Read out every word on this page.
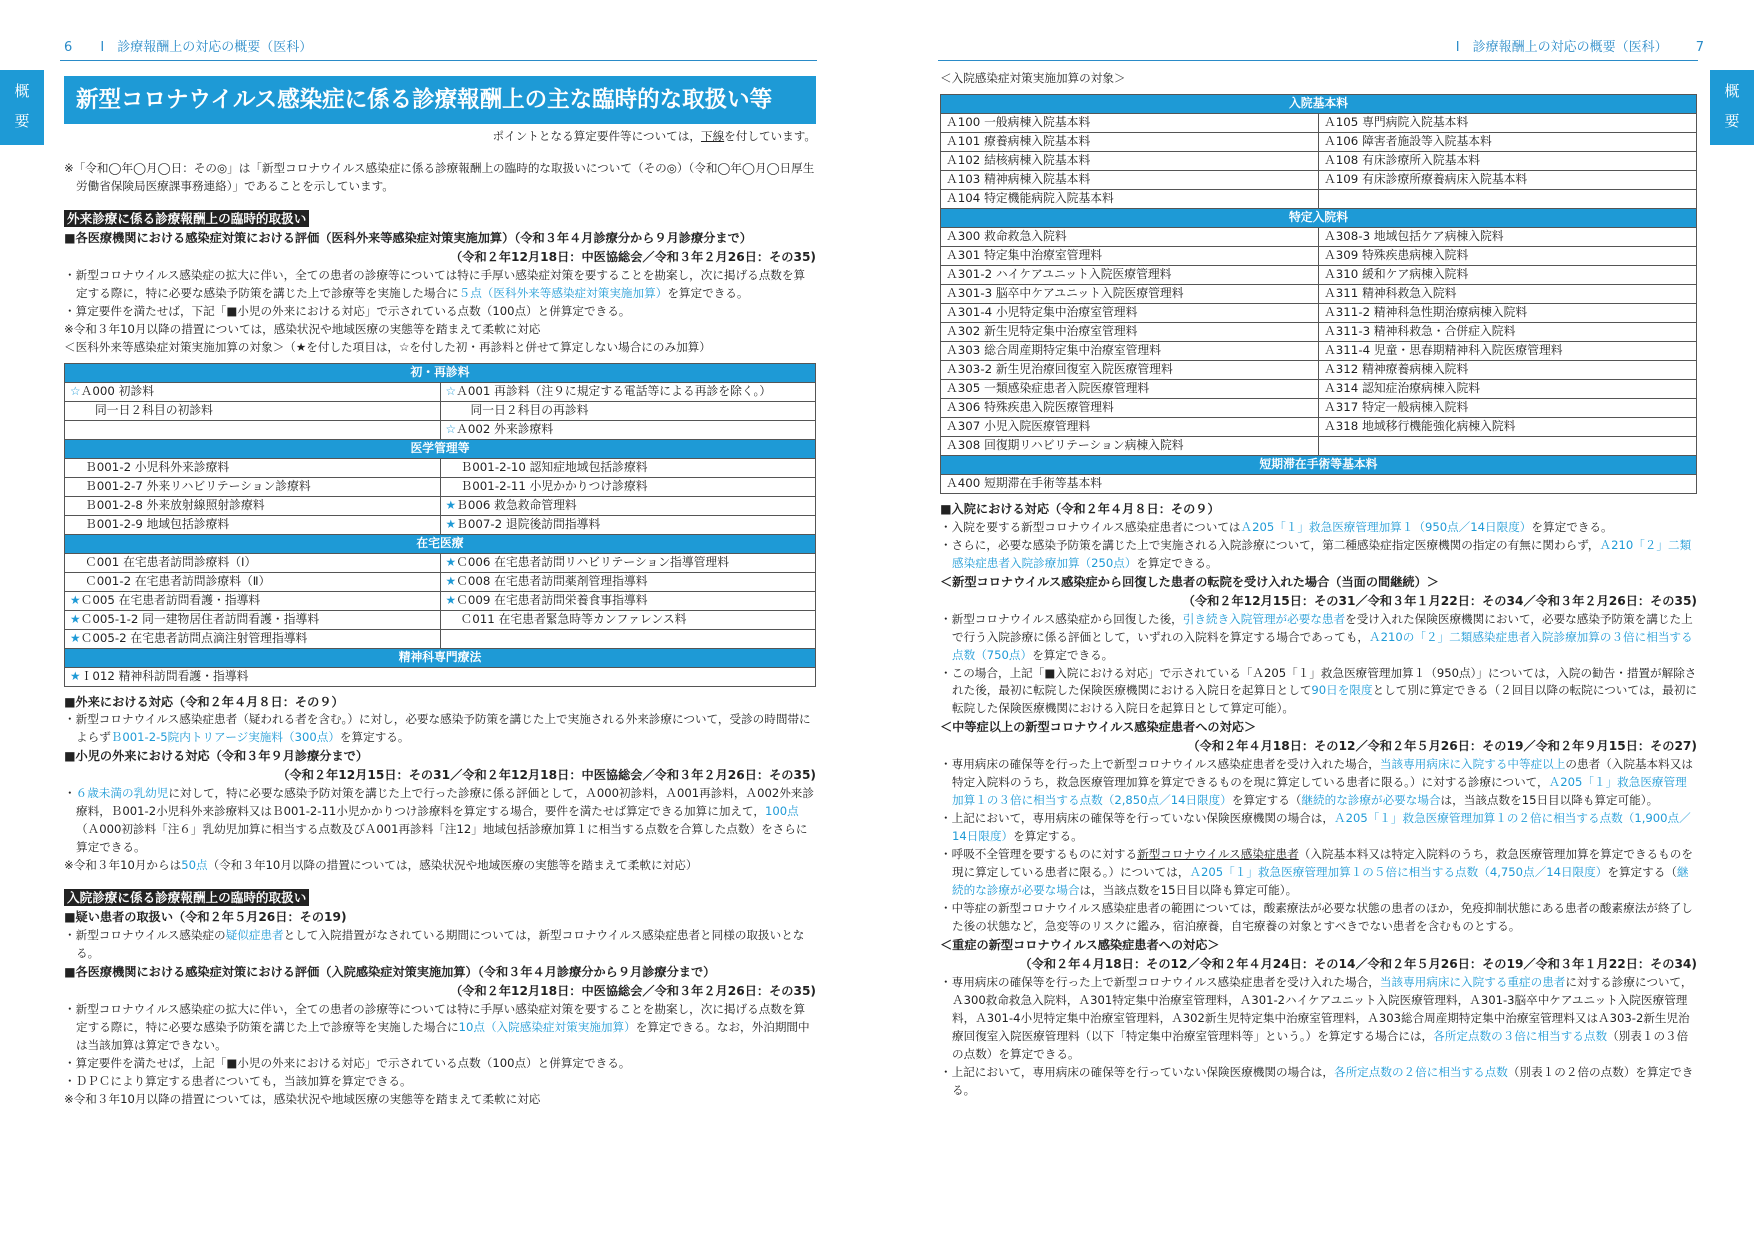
6 Ⅰ　診療報酬上の対応の概要（医科）
概
要
新型コロナウイルス感染症に係る診療報酬上の主な臨時的な取扱い等
ポイントとなる算定要件等については，下線を付しています。
※「令和◯年◯月◯日：その◎」は「新型コロナウイルス感染症に係る診療報酬上の臨時的な取扱いについて（その◎）（令和◯年◯月◯日厚生労働省保険局医療課事務連絡）」であることを示しています。
外来診療に係る診療報酬上の臨時的取扱い
■各医療機関における感染症対策における評価（医科外来等感染症対策実施加算）（令和３年４月診療分から９月診療分まで）
（令和２年12月18日：中医協総会／令和３年２月26日：その35)
・新型コロナウイルス感染症の拡大に伴い，全ての患者の診療等については特に手厚い感染症対策を要することを勘案し，次に掲げる点数を算定する際に，特に必要な感染予防策を講じた上で診療等を実施した場合に５点（医科外来等感染症対策実施加算）を算定できる。
・算定要件を満たせば，下記「■小児の外来における対応」で示されている点数（100点）と併算定できる。
※令和３年10月以降の措置については，感染状況や地域医療の実態等を踏まえて柔軟に対応
＜医科外来等感染症対策実施加算の対象＞（★を付した項目は，☆を付した初・再診料と併せて算定しない場合にのみ加算）
初・再診料	
☆Ａ000 初診料	☆Ａ001 再診料（注９に規定する電話等による再診を除く。）
同一日２科目の初診料	同一日２科目の再診料
	☆Ａ002 外来診療料
医学管理等	
Ｂ001-2 小児科外来診療料	Ｂ001-2-10 認知症地域包括診療料
Ｂ001-2-7 外来リハビリテーション診療料	Ｂ001-2-11 小児かかりつけ診療料
Ｂ001-2-8 外来放射線照射診療料	★Ｂ006 救急救命管理料
Ｂ001-2-9 地域包括診療料	★Ｂ007-2 退院後訪問指導料
在宅医療	
Ｃ001 在宅患者訪問診療料（Ⅰ）	★Ｃ006 在宅患者訪問リハビリテーション指導管理料
Ｃ001-2 在宅患者訪問診療料（Ⅱ）	★Ｃ008 在宅患者訪問薬剤管理指導料
★Ｃ005 在宅患者訪問看護・指導料	★Ｃ009 在宅患者訪問栄養食事指導料
★Ｃ005-1-2 同一建物居住者訪問看護・指導料	Ｃ011 在宅患者緊急時等カンファレンス料
★Ｃ005-2 在宅患者訪問点滴注射管理指導料	
精神科専門療法	
★Ｉ012 精神科訪問看護・指導料	
■外来における対応（令和２年４月８日：その９）
・新型コロナウイルス感染症患者（疑われる者を含む。）に対し，必要な感染予防策を講じた上で実施される外来診療について，受診の時間帯によらずＢ001-2-5院内トリアージ実施料（300点）を算定する。
■小児の外来における対応（令和３年９月診療分まで）
（令和２年12月15日：その31／令和２年12月18日：中医協総会／令和３年２月26日：その35)
・６歳未満の乳幼児に対して，特に必要な感染予防対策を講じた上で行った診療に係る評価として，Ａ000初診料，Ａ001再診料，Ａ002外来診療料，Ｂ001-2小児科外来診療料又はＢ001-2-11小児かかりつけ診療料を算定する場合，要件を満たせば算定できる加算に加えて，100点（Ａ000初診料「注６」乳幼児加算に相当する点数及びＡ001再診料「注12」地域包括診療加算１に相当する点数を合算した点数）をさらに算定できる。
※令和３年10月からは50点（令和３年10月以降の措置については，感染状況や地域医療の実態等を踏まえて柔軟に対応）
入院診療に係る診療報酬上の臨時的取扱い
■疑い患者の取扱い（令和２年５月26日：その19)
・新型コロナウイルス感染症の疑似症患者として入院措置がなされている期間については，新型コロナウイルス感染症患者と同様の取扱いとなる。
■各医療機関における感染症対策における評価（入院感染症対策実施加算）（令和３年４月診療分から９月診療分まで）
（令和２年12月18日：中医協総会／令和３年２月26日：その35)
・新型コロナウイルス感染症の拡大に伴い，全ての患者の診療等については特に手厚い感染症対策を要することを勘案し，次に掲げる点数を算定する際に，特に必要な感染予防策を講じた上で診療等を実施した場合に10点（入院感染症対策実施加算）を算定できる。なお，外泊期間中は当該加算は算定できない。
・算定要件を満たせば，上記「■小児の外来における対応」で示されている点数（100点）と併算定できる。
・ＤＰＣにより算定する患者についても，当該加算を算定できる。
※令和３年10月以降の措置については，感染状況や地域医療の実態等を踏まえて柔軟に対応
Ⅰ　診療報酬上の対応の概要（医科） 7
概
要
＜入院感染症対策実施加算の対象＞
入院基本料	
Ａ100 一般病棟入院基本料	Ａ105 専門病院入院基本料
Ａ101 療養病棟入院基本料	Ａ106 障害者施設等入院基本料
Ａ102 結核病棟入院基本料	Ａ108 有床診療所入院基本料
Ａ103 精神病棟入院基本料	Ａ109 有床診療所療養病床入院基本料
Ａ104 特定機能病院入院基本料	
特定入院料	
Ａ300 救命救急入院料	Ａ308-3 地域包括ケア病棟入院料
Ａ301 特定集中治療室管理料	Ａ309 特殊疾患病棟入院料
Ａ301-2 ハイケアユニット入院医療管理料	Ａ310 緩和ケア病棟入院料
Ａ301-3 脳卒中ケアユニット入院医療管理料	Ａ311 精神科救急入院料
Ａ301-4 小児特定集中治療室管理料	Ａ311-2 精神科急性期治療病棟入院料
Ａ302 新生児特定集中治療室管理料	Ａ311-3 精神科救急・合併症入院料
Ａ303 総合周産期特定集中治療室管理料	Ａ311-4 児童・思春期精神科入院医療管理料
Ａ303-2 新生児治療回復室入院医療管理料	Ａ312 精神療養病棟入院料
Ａ305 一類感染症患者入院医療管理料	Ａ314 認知症治療病棟入院料
Ａ306 特殊疾患入院医療管理料	Ａ317 特定一般病棟入院料
Ａ307 小児入院医療管理料	Ａ318 地域移行機能強化病棟入院料
Ａ308 回復期リハビリテーション病棟入院料	
短期滞在手術等基本料	
Ａ400 短期滞在手術等基本料	
■入院における対応（令和２年４月８日：その９）
・入院を要する新型コロナウイルス感染症患者についてはＡ205「１」救急医療管理加算１（950点／14日限度）を算定できる。
・さらに，必要な感染予防策を講じた上で実施される入院診療について，第二種感染症指定医療機関の指定の有無に関わらず，Ａ210「２」二類感染症患者入院診療加算（250点）を算定できる。
＜新型コロナウイルス感染症から回復した患者の転院を受け入れた場合（当面の間継続）＞
（令和２年12月15日：その31／令和３年１月22日：その34／令和３年２月26日：その35)
・新型コロナウイルス感染症から回復した後，引き続き入院管理が必要な患者を受け入れた保険医療機関において，必要な感染予防策を講じた上で行う入院診療に係る評価として，いずれの入院料を算定する場合であっても，Ａ210の「２」二類感染症患者入院診療加算の３倍に相当する点数（750点）を算定できる。
・この場合，上記「■入院における対応」で示されている「Ａ205「１」救急医療管理加算１（950点）」については，入院の勧告・措置が解除された後，最初に転院した保険医療機関における入院日を起算日として90日を限度として別に算定できる（２回目以降の転院については，最初に転院した保険医療機関における入院日を起算日として算定可能）。
＜中等症以上の新型コロナウイルス感染症患者への対応＞
（令和２年４月18日：その12／令和２年５月26日：その19／令和２年９月15日：その27)
・専用病床の確保等を行った上で新型コロナウイルス感染症患者を受け入れた場合，当該専用病床に入院する中等症以上の患者（入院基本料又は特定入院料のうち，救急医療管理加算を算定できるものを現に算定している患者に限る。）に対する診療について，Ａ205「１」救急医療管理加算１の３倍に相当する点数（2,850点／14日限度）を算定する（継続的な診療が必要な場合は，当該点数を15日目以降も算定可能）。
・上記において，専用病床の確保等を行っていない保険医療機関の場合は，Ａ205「１」救急医療管理加算１の２倍に相当する点数（1,900点／14日限度）を算定する。
・呼吸不全管理を要するものに対する新型コロナウイルス感染症患者（入院基本料又は特定入院料のうち，救急医療管理加算を算定できるものを現に算定している患者に限る。）については，Ａ205「１」救急医療管理加算１の５倍に相当する点数（4,750点／14日限度）を算定する（継続的な診療が必要な場合は，当該点数を15日目以降も算定可能）。
・中等症の新型コロナウイルス感染症患者の範囲については，酸素療法が必要な状態の患者のほか，免疫抑制状態にある患者の酸素療法が終了した後の状態など，急変等のリスクに鑑み，宿泊療養，自宅療養の対象とすべきでない患者を含むものとする。
＜重症の新型コロナウイルス感染症患者への対応＞
（令和２年４月18日：その12／令和２年４月24日：その14／令和２年５月26日：その19／令和３年１月22日：その34)
・専用病床の確保等を行った上で新型コロナウイルス感染症患者を受け入れた場合，当該専用病床に入院する重症の患者に対する診療について，Ａ300救命救急入院料，Ａ301特定集中治療室管理料，Ａ301-2ハイケアユニット入院医療管理料，Ａ301-3脳卒中ケアユニット入院医療管理料，Ａ301-4小児特定集中治療室管理料，Ａ302新生児特定集中治療室管理料，Ａ303総合周産期特定集中治療室管理料又はＡ303-2新生児治療回復室入院医療管理料（以下「特定集中治療室管理料等」という。）を算定する場合には，各所定点数の３倍に相当する点数（別表１の３倍の点数）を算定できる。
・上記において，専用病床の確保等を行っていない保険医療機関の場合は，各所定点数の２倍に相当する点数（別表１の２倍の点数）を算定できる。
